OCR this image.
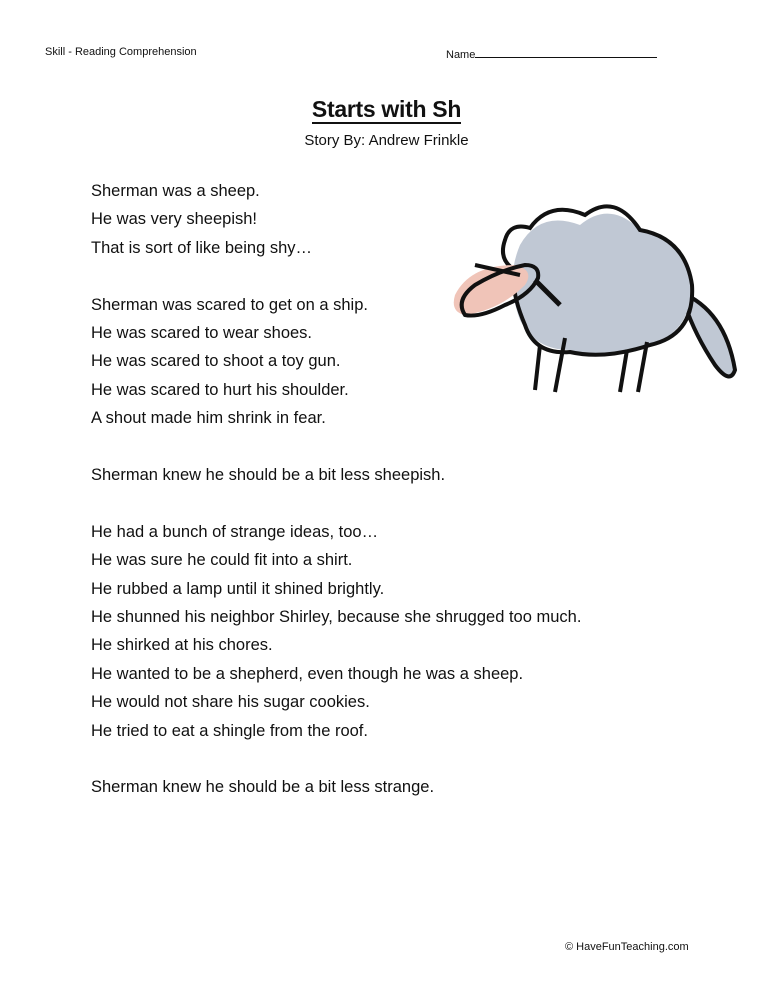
Skill - Reading Comprehension	Name
Starts with Sh
Story By: Andrew Frinkle
Sherman was a sheep.
He was very sheepish!
That is sort of like being shy…
Sherman was scared to get on a ship.
He was scared to wear shoes.
He was scared to shoot a toy gun.
He was scared to hurt his shoulder.
A shout made him shrink in fear.
Sherman knew he should be a bit less sheepish.
He had a bunch of strange ideas, too…
He was sure he could fit into a shirt.
He rubbed a lamp until it shined brightly.
He shunned his neighbor Shirley, because she shrugged too much.
He shirked at his chores.
He wanted to be a shepherd, even though he was a sheep.
He would not share his sugar cookies.
He tried to eat a shingle from the roof.
Sherman knew he should be a bit less strange.
© HaveFunTeaching.com
